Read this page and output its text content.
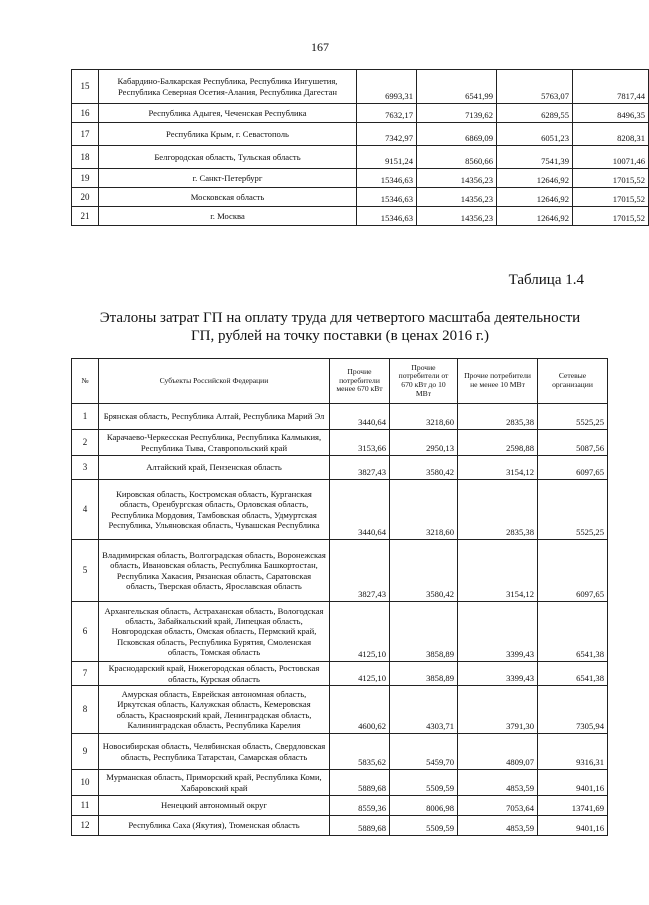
167
15	Кабардино-Балкарская Республика, Республика Ингушетия, Республика Северная Осетия-Алания, Республика Дагестан	6993,31	6541,99	5763,07	7817,44
16	Республика Адыгея, Чеченская Республика	7632,17	7139,62	6289,55	8496,35
17	Республика Крым, г. Севастополь	7342,97	6869,09	6051,23	8208,31
18	Белгородская область, Тульская область	9151,24	8560,66	7541,39	10071,46
19	г. Санкт-Петербург	15346,63	14356,23	12646,92	17015,52
20	Московская область	15346,63	14356,23	12646,92	17015,52
21	г. Москва	15346,63	14356,23	12646,92	17015,52
Таблица 1.4
Эталоны затрат ГП на оплату труда для четвертого масштаба деятельности
ГП, рублей на точку поставки (в ценах 2016 г.)
№	Субъекты Российской Федерации	Прочие потребители менее 670 кВт	Прочие потребители от 670 кВт до 10 МВт	Прочие потребители не менее 10 МВт	Сетевые организации
1	Брянская область, Республика Алтай, Республика Марий Эл	3440,64	3218,60	2835,38	5525,25
2	Карачаево-Черкесская Республика, Республика Калмыкия, Республика Тыва, Ставропольский край	3153,66	2950,13	2598,88	5087,56
3	Алтайский край, Пензенская область	3827,43	3580,42	3154,12	6097,65
4	Кировская область, Костромская область, Курганская область, Оренбургская область, Орловская область, Республика Мордовия, Тамбовская область, Удмуртская Республика, Ульяновская область, Чувашская Республика	3440,64	3218,60	2835,38	5525,25
5	Владимирская область, Волгоградская область, Воронежская область, Ивановская область, Республика Башкортостан, Республика Хакасия, Рязанская область, Саратовская область, Тверская область, Ярославская область	3827,43	3580,42	3154,12	6097,65
6	Архангельская область, Астраханская область, Вологодская область, Забайкальский край, Липецкая область, Новгородская область, Омская область, Пермский край, Псковская область, Республика Бурятия, Смоленская область, Томская область	4125,10	3858,89	3399,43	6541,38
7	Краснодарский край, Нижегородская область, Ростовская область, Курская область	4125,10	3858,89	3399,43	6541,38
8	Амурская область, Еврейская автономная область, Иркутская область, Калужская область, Кемеровская область, Красноярский край, Ленинградская область, Калининградская область, Республика Карелия	4600,62	4303,71	3791,30	7305,94
9	Новосибирская область, Челябинская область, Свердловская область, Республика Татарстан, Самарская область	5835,62	5459,70	4809,07	9316,31
10	Мурманская область, Приморский край, Республика Коми, Хабаровский край	5889,68	5509,59	4853,59	9401,16
11	Ненецкий автономный округ	8559,36	8006,98	7053,64	13741,69
12	Республика Саха (Якутия), Тюменская область	5889,68	5509,59	4853,59	9401,16
